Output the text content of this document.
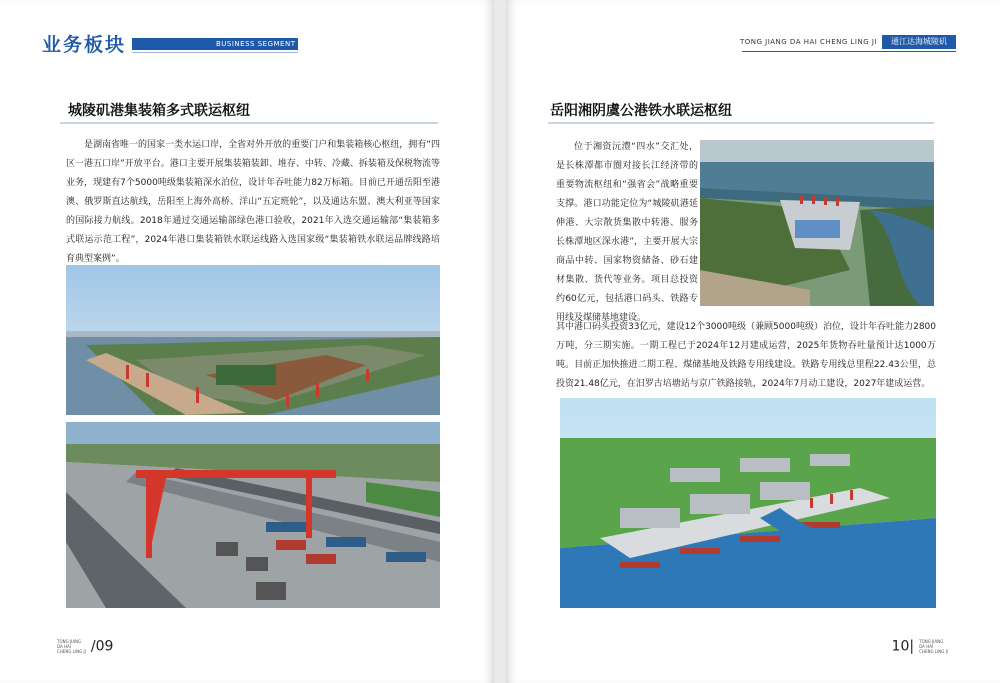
业务板块	BUSINESS SEGMENT
城陵矶港集装箱多式联运枢纽

是湖南省唯一的国家一类水运口岸，全省对外开放的重要门户和集装箱核心枢纽，拥有“四区一港五口岸”开放平台。港口主要开展集装箱装卸、堆存、中转、冷藏、拆装箱及保税物流等业务，现建有7个5000吨级集装箱深水泊位，设计年吞吐能力82万标箱。目前已开通岳阳至港澳、俄罗斯直达航线，岳阳至上海外高桥、洋山“五定班轮”，以及通达东盟、澳大利亚等国家的国际接力航线。2018年通过交通运输部绿色港口验收，2021年入选交通运输部“集装箱多式联运示范工程”，2024年港口集装箱铁水联运线路入选国家级“集装箱铁水联运品牌线路培育典型案例”。

TONG JIANG
DA HAI
CHENG LING JI /09
TONG JIANG DA HAI CHENG LING JI	通江达海城陵矶
岳阳湘阴虞公港铁水联运枢纽

位于湘资沅澧“四水”交汇处，是长株潭都市圈对接长江经济带的重要物流枢纽和“强省会”战略重要支撑。港口功能定位为“城陵矶港延伸港、大宗散货集散中转港、服务长株潭地区深水港”，主要开展大宗商品中转、国家物资储备、砂石建材集散、货代等业务。项目总投资约60亿元，包括港口码头、铁路专用线及煤储基地建设。

其中港口码头投资33亿元，建设12个3000吨级（兼顾5000吨级）泊位，设计年吞吐能力2800万吨，分三期实施。一期工程已于2024年12月建成运营，2025年货物吞吐量预计达1000万吨。目前正加快推进二期工程、煤储基地及铁路专用线建设。铁路专用线总里程22.43公里，总投资21.48亿元，在汨罗古培塘站与京广铁路接轨，2024年7月动工建设，2027年建成运营。

10| TONG JIANG
DA HAI
CHENG LING JI
